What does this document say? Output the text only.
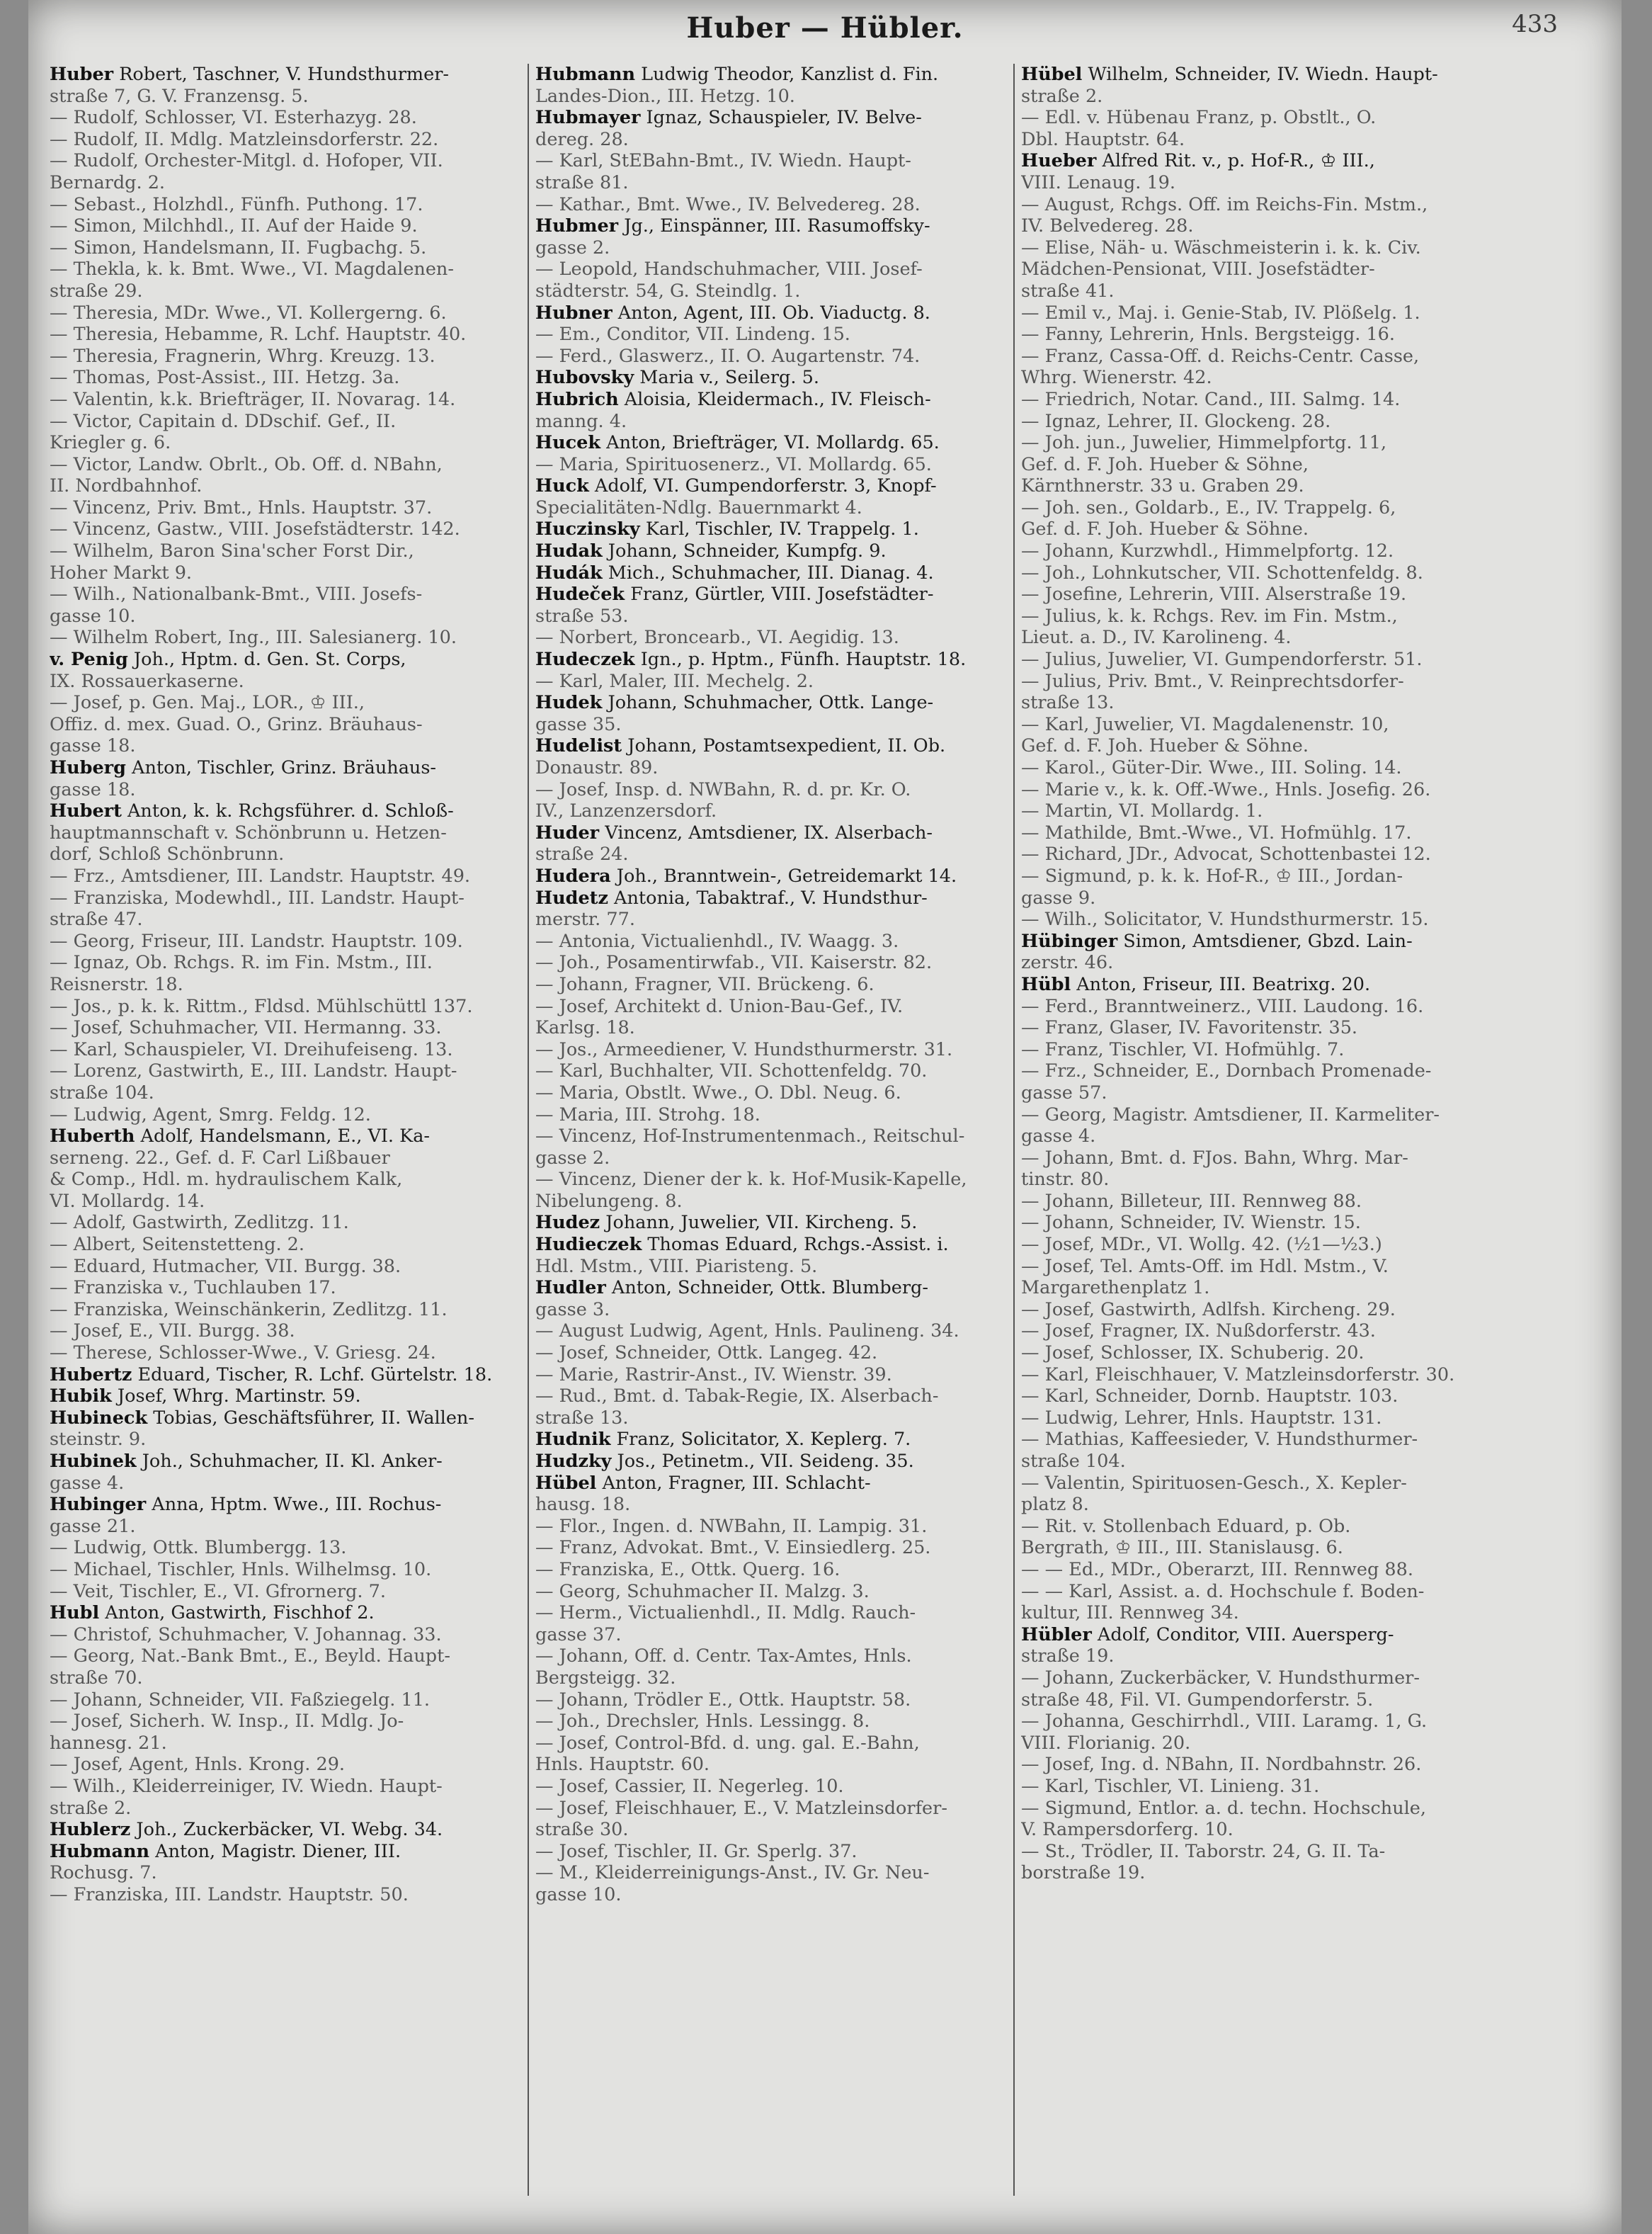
Huber — Hübler.	433

Huber Robert, Taschner, V. Hundsthurmer-

straße 7, G. V. Franzensg. 5.

— Rudolf, Schlosser, VI. Esterhazyg. 28.

— Rudolf, II. Mdlg. Matzleinsdorferstr. 22.

— Rudolf, Orchester-Mitgl. d. Hofoper, VII.

Bernardg. 2.

— Sebast., Holzhdl., Fünfh. Puthong. 17.

— Simon, Milchhdl., II. Auf der Haide 9.

— Simon, Handelsmann, II. Fugbachg. 5.

— Thekla, k. k. Bmt. Wwe., VI. Magdalenen-

straße 29.

— Theresia, MDr. Wwe., VI. Kollergerng. 6.

— Theresia, Hebamme, R. Lchf. Hauptstr. 40.

— Theresia, Fragnerin, Whrg. Kreuzg. 13.

— Thomas, Post-Assist., III. Hetzg. 3a.

— Valentin, k.k. Briefträger, II. Novarag. 14.

— Victor, Capitain d. DDschif. Gef., II.

Kriegler g. 6.

— Victor, Landw. Obrlt., Ob. Off. d. NBahn,

II. Nordbahnhof.

— Vincenz, Priv. Bmt., Hnls. Hauptstr. 37.

— Vincenz, Gastw., VIII. Josefstädterstr. 142.

— Wilhelm, Baron Sina'scher Forst Dir.,

Hoher Markt 9.

— Wilh., Nationalbank-Bmt., VIII. Josefs-

gasse 10.

— Wilhelm Robert, Ing., III. Salesianerg. 10.

v. Penig Joh., Hptm. d. Gen. St. Corps,

IX. Rossauerkaserne.

— Josef, p. Gen. Maj., LOR., ♔ III.,

Offiz. d. mex. Guad. O., Grinz. Bräuhaus-

gasse 18.

Huberg Anton, Tischler, Grinz. Bräuhaus-

gasse 18.

Hubert Anton, k. k. Rchgsführer. d. Schloß-

hauptmannschaft v. Schönbrunn u. Hetzen-

dorf, Schloß Schönbrunn.

— Frz., Amtsdiener, III. Landstr. Hauptstr. 49.

— Franziska, Modewhdl., III. Landstr. Haupt-

straße 47.

— Georg, Friseur, III. Landstr. Hauptstr. 109.

— Ignaz, Ob. Rchgs. R. im Fin. Mstm., III.

Reisnerstr. 18.

— Jos., p. k. k. Rittm., Fldsd. Mühlschüttl 137.

— Josef, Schuhmacher, VII. Hermanng. 33.

— Karl, Schauspieler, VI. Dreihufeiseng. 13.

— Lorenz, Gastwirth, E., III. Landstr. Haupt-

straße 104.

— Ludwig, Agent, Smrg. Feldg. 12.

Huberth Adolf, Handelsmann, E., VI. Ka-

serneng. 22., Gef. d. F. Carl Lißbauer

& Comp., Hdl. m. hydraulischem Kalk,

VI. Mollardg. 14.

— Adolf, Gastwirth, Zedlitzg. 11.

— Albert, Seitenstetteng. 2.

— Eduard, Hutmacher, VII. Burgg. 38.

— Franziska v., Tuchlauben 17.

— Franziska, Weinschänkerin, Zedlitzg. 11.

— Josef, E., VII. Burgg. 38.

— Therese, Schlosser-Wwe., V. Griesg. 24.

Hubertz Eduard, Tischer, R. Lchf. Gürtelstr. 18.

Hubik Josef, Whrg. Martinstr. 59.

Hubineck Tobias, Geschäftsführer, II. Wallen-

steinstr. 9.

Hubinek Joh., Schuhmacher, II. Kl. Anker-

gasse 4.

Hubinger Anna, Hptm. Wwe., III. Rochus-

gasse 21.

— Ludwig, Ottk. Blumbergg. 13.

— Michael, Tischler, Hnls. Wilhelmsg. 10.

— Veit, Tischler, E., VI. Gfrornerg. 7.

Hubl Anton, Gastwirth, Fischhof 2.

— Christof, Schuhmacher, V. Johannag. 33.

— Georg, Nat.-Bank Bmt., E., Beyld. Haupt-

straße 70.

— Johann, Schneider, VII. Faßziegelg. 11.

— Josef, Sicherh. W. Insp., II. Mdlg. Jo-

hannesg. 21.

— Josef, Agent, Hnls. Krong. 29.

— Wilh., Kleiderreiniger, IV. Wiedn. Haupt-

straße 2.

Hublerz Joh., Zuckerbäcker, VI. Webg. 34.

Hubmann Anton, Magistr. Diener, III.

Rochusg. 7.

— Franziska, III. Landstr. Hauptstr. 50.

Hubmann Ludwig Theodor, Kanzlist d. Fin.

Landes-Dion., III. Hetzg. 10.

Hubmayer Ignaz, Schauspieler, IV. Belve-

dereg. 28.

— Karl, StEBahn-Bmt., IV. Wiedn. Haupt-

straße 81.

— Kathar., Bmt. Wwe., IV. Belvedereg. 28.

Hubmer Jg., Einspänner, III. Rasumoffsky-

gasse 2.

— Leopold, Handschuhmacher, VIII. Josef-

städterstr. 54, G. Steindlg. 1.

Hubner Anton, Agent, III. Ob. Viaductg. 8.

— Em., Conditor, VII. Lindeng. 15.

— Ferd., Glaswerz., II. O. Augartenstr. 74.

Hubovsky Maria v., Seilerg. 5.

Hubrich Aloisia, Kleidermach., IV. Fleisch-

manng. 4.

Hucek Anton, Briefträger, VI. Mollardg. 65.

— Maria, Spirituosenerz., VI. Mollardg. 65.

Huck Adolf, VI. Gumpendorferstr. 3, Knopf-

Specialitäten-Ndlg. Bauernmarkt 4.

Huczinsky Karl, Tischler, IV. Trappelg. 1.

Hudak Johann, Schneider, Kumpfg. 9.

Hudák Mich., Schuhmacher, III. Dianag. 4.

Hudeček Franz, Gürtler, VIII. Josefstädter-

straße 53.

— Norbert, Broncearb., VI. Aegidig. 13.

Hudeczek Ign., p. Hptm., Fünfh. Hauptstr. 18.

— Karl, Maler, III. Mechelg. 2.

Hudek Johann, Schuhmacher, Ottk. Lange-

gasse 35.

Hudelist Johann, Postamtsexpedient, II. Ob.

Donaustr. 89.

— Josef, Insp. d. NWBahn, R. d. pr. Kr. O.

IV., Lanzenzersdorf.

Huder Vincenz, Amtsdiener, IX. Alserbach-

straße 24.

Hudera Joh., Branntwein-, Getreidemarkt 14.

Hudetz Antonia, Tabaktraf., V. Hundsthur-

merstr. 77.

— Antonia, Victualienhdl., IV. Waagg. 3.

— Joh., Posamentirwfab., VII. Kaiserstr. 82.

— Johann, Fragner, VII. Brückeng. 6.

— Josef, Architekt d. Union-Bau-Gef., IV.

Karlsg. 18.

— Jos., Armeediener, V. Hundsthurmerstr. 31.

— Karl, Buchhalter, VII. Schottenfeldg. 70.

— Maria, Obstlt. Wwe., O. Dbl. Neug. 6.

— Maria, III. Strohg. 18.

— Vincenz, Hof-Instrumentenmach., Reitschul-

gasse 2.

— Vincenz, Diener der k. k. Hof-Musik-Kapelle,

Nibelungeng. 8.

Hudez Johann, Juwelier, VII. Kircheng. 5.

Hudieczek Thomas Eduard, Rchgs.-Assist. i.

Hdl. Mstm., VIII. Piaristeng. 5.

Hudler Anton, Schneider, Ottk. Blumberg-

gasse 3.

— August Ludwig, Agent, Hnls. Paulineng. 34.

— Josef, Schneider, Ottk. Langeg. 42.

— Marie, Rastrir-Anst., IV. Wienstr. 39.

— Rud., Bmt. d. Tabak-Regie, IX. Alserbach-

straße 13.

Hudnik Franz, Solicitator, X. Keplerg. 7.

Hudzky Jos., Petinetm., VII. Seideng. 35.

Hübel Anton, Fragner, III. Schlacht-

hausg. 18.

— Flor., Ingen. d. NWBahn, II. Lampig. 31.

— Franz, Advokat. Bmt., V. Einsiedlerg. 25.

— Franziska, E., Ottk. Querg. 16.

— Georg, Schuhmacher II. Malzg. 3.

— Herm., Victualienhdl., II. Mdlg. Rauch-

gasse 37.

— Johann, Off. d. Centr. Tax-Amtes, Hnls.

Bergsteigg. 32.

— Johann, Trödler E., Ottk. Hauptstr. 58.

— Joh., Drechsler, Hnls. Lessingg. 8.

— Josef, Control-Bfd. d. ung. gal. E.-Bahn,

Hnls. Hauptstr. 60.

— Josef, Cassier, II. Negerleg. 10.

— Josef, Fleischhauer, E., V. Matzleinsdorfer-

straße 30.

— Josef, Tischler, II. Gr. Sperlg. 37.

— M., Kleiderreinigungs-Anst., IV. Gr. Neu-

gasse 10.

Hübel Wilhelm, Schneider, IV. Wiedn. Haupt-

straße 2.

— Edl. v. Hübenau Franz, p. Obstlt., O.

Dbl. Hauptstr. 64.

Hueber Alfred Rit. v., p. Hof-R., ♔ III.,

VIII. Lenaug. 19.

— August, Rchgs. Off. im Reichs-Fin. Mstm.,

IV. Belvedereg. 28.

— Elise, Näh- u. Wäschmeisterin i. k. k. Civ.

Mädchen-Pensionat, VIII. Josefstädter-

straße 41.

— Emil v., Maj. i. Genie-Stab, IV. Plößelg. 1.

— Fanny, Lehrerin, Hnls. Bergsteigg. 16.

— Franz, Cassa-Off. d. Reichs-Centr. Casse,

Whrg. Wienerstr. 42.

— Friedrich, Notar. Cand., III. Salmg. 14.

— Ignaz, Lehrer, II. Glockeng. 28.

— Joh. jun., Juwelier, Himmelpfortg. 11,

Gef. d. F. Joh. Hueber & Söhne,

Kärnthnerstr. 33 u. Graben 29.

— Joh. sen., Goldarb., E., IV. Trappelg. 6,

Gef. d. F. Joh. Hueber & Söhne.

— Johann, Kurzwhdl., Himmelpfortg. 12.

— Joh., Lohnkutscher, VII. Schottenfeldg. 8.

— Josefine, Lehrerin, VIII. Alserstraße 19.

— Julius, k. k. Rchgs. Rev. im Fin. Mstm.,

Lieut. a. D., IV. Karolineng. 4.

— Julius, Juwelier, VI. Gumpendorferstr. 51.

— Julius, Priv. Bmt., V. Reinprechtsdorfer-

straße 13.

— Karl, Juwelier, VI. Magdalenenstr. 10,

Gef. d. F. Joh. Hueber & Söhne.

— Karol., Güter-Dir. Wwe., III. Soling. 14.

— Marie v., k. k. Off.-Wwe., Hnls. Josefig. 26.

— Martin, VI. Mollardg. 1.

— Mathilde, Bmt.-Wwe., VI. Hofmühlg. 17.

— Richard, JDr., Advocat, Schottenbastei 12.

— Sigmund, p. k. k. Hof-R., ♔ III., Jordan-

gasse 9.

— Wilh., Solicitator, V. Hundsthurmerstr. 15.

Hübinger Simon, Amtsdiener, Gbzd. Lain-

zerstr. 46.

Hübl Anton, Friseur, III. Beatrixg. 20.

— Ferd., Branntweinerz., VIII. Laudong. 16.

— Franz, Glaser, IV. Favoritenstr. 35.

— Franz, Tischler, VI. Hofmühlg. 7.

— Frz., Schneider, E., Dornbach Promenade-

gasse 57.

— Georg, Magistr. Amtsdiener, II. Karmeliter-

gasse 4.

— Johann, Bmt. d. FJos. Bahn, Whrg. Mar-

tinstr. 80.

— Johann, Billeteur, III. Rennweg 88.

— Johann, Schneider, IV. Wienstr. 15.

— Josef, MDr., VI. Wollg. 42. (½1—½3.)

— Josef, Tel. Amts-Off. im Hdl. Mstm., V.

Margarethenplatz 1.

— Josef, Gastwirth, Adlfsh. Kircheng. 29.

— Josef, Fragner, IX. Nußdorferstr. 43.

— Josef, Schlosser, IX. Schuberig. 20.

— Karl, Fleischhauer, V. Matzleinsdorferstr. 30.

— Karl, Schneider, Dornb. Hauptstr. 103.

— Ludwig, Lehrer, Hnls. Hauptstr. 131.

— Mathias, Kaffeesieder, V. Hundsthurmer-

straße 104.

— Valentin, Spirituosen-Gesch., X. Kepler-

platz 8.

— Rit. v. Stollenbach Eduard, p. Ob.

Bergrath, ♔ III., III. Stanislausg. 6.

— — Ed., MDr., Oberarzt, III. Rennweg 88.

— — Karl, Assist. a. d. Hochschule f. Boden-

kultur, III. Rennweg 34.

Hübler Adolf, Conditor, VIII. Auersperg-

straße 19.

— Johann, Zuckerbäcker, V. Hundsthurmer-

straße 48, Fil. VI. Gumpendorferstr. 5.

— Johanna, Geschirrhdl., VIII. Laramg. 1, G.

VIII. Florianig. 20.

— Josef, Ing. d. NBahn, II. Nordbahnstr. 26.

— Karl, Tischler, VI. Linieng. 31.

— Sigmund, Entlor. a. d. techn. Hochschule,

V. Rampersdorferg. 10.

— St., Trödler, II. Taborstr. 24, G. II. Ta-

borstraße 19.
